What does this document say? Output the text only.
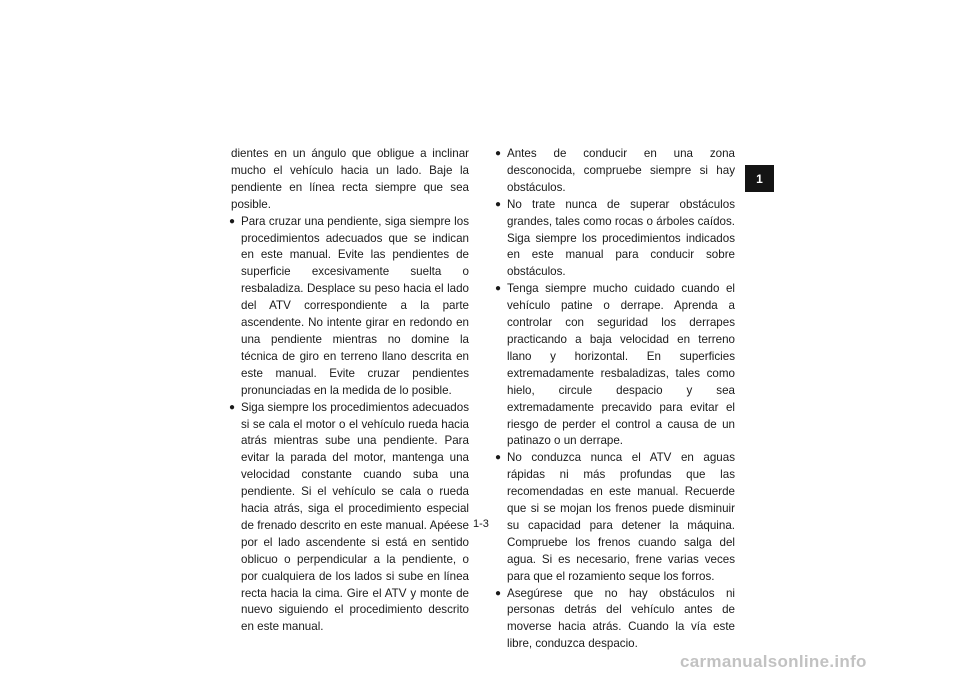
dientes en un ángulo que obligue a inclinar mucho el vehículo hacia un lado. Baje la pendiente en línea recta siempre que sea posible.
● Para cruzar una pendiente, siga siempre los procedimientos adecuados que se indican en este manual. Evite las pendientes de superficie excesivamente suelta o resbaladiza. Desplace su peso hacia el lado del ATV correspondiente a la parte ascendente. No intente girar en redondo en una pendiente mientras no domine la técnica de giro en terreno llano descrita en este manual. Evite cruzar pendientes pronunciadas en la medida de lo posible.
● Siga siempre los procedimientos adecuados si se cala el motor o el vehículo rueda hacia atrás mientras sube una pendiente. Para evitar la parada del motor, mantenga una velocidad constante cuando suba una pendiente. Si el vehículo se cala o rueda hacia atrás, siga el procedimiento especial de frenado descrito en este manual. Apéese por el lado ascendente si está en sentido oblicuo o perpendicular a la pendiente, o por cualquiera de los lados si sube en línea recta hacia la cima. Gire el ATV y monte de nuevo siguiendo el procedimiento descrito en este manual.
● Antes de conducir en una zona desconocida, compruebe siempre si hay obstáculos.
● No trate nunca de superar obstáculos grandes, tales como rocas o árboles caídos. Siga siempre los procedimientos indicados en este manual para conducir sobre obstáculos.
● Tenga siempre mucho cuidado cuando el vehículo patine o derrape. Aprenda a controlar con seguridad los derrapes practicando a baja velocidad en terreno llano y horizontal. En superficies extremadamente resbaladizas, tales como hielo, circule despacio y sea extremadamente precavido para evitar el riesgo de perder el control a causa de un patinazo o un derrape.
● No conduzca nunca el ATV en aguas rápidas ni más profundas que las recomendadas en este manual. Recuerde que si se mojan los frenos puede disminuir su capacidad para detener la máquina. Compruebe los frenos cuando salga del agua. Si es necesario, frene varias veces para que el rozamiento seque los forros.
● Asegúrese que no hay obstáculos ni personas detrás del vehículo antes de moverse hacia atrás. Cuando la vía este libre, conduzca despacio.
1-3
1
carmanualsonline.info
